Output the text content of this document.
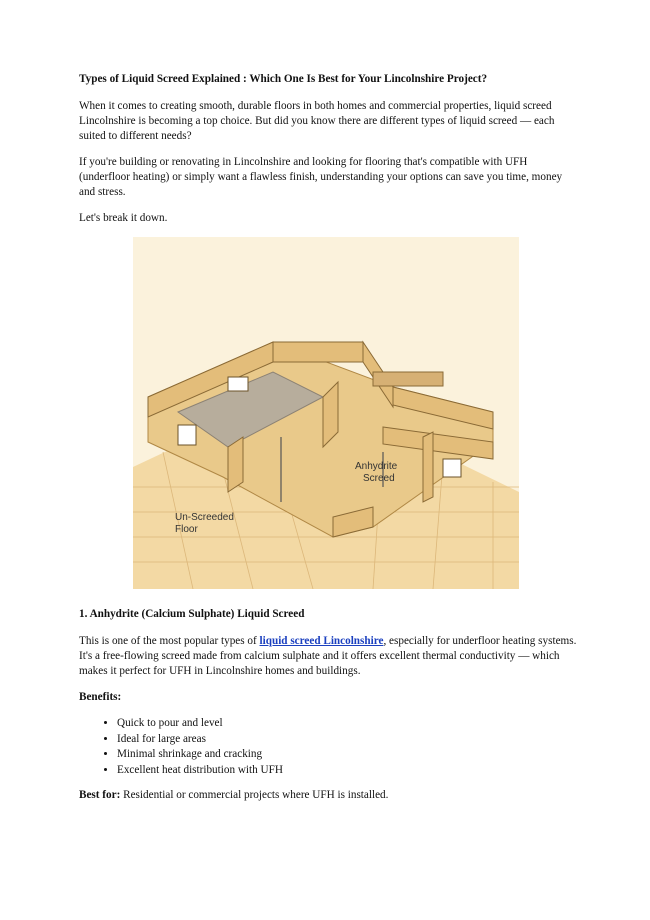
Types of Liquid Screed Explained : Which One Is Best for Your Lincolnshire Project?

When it comes to creating smooth, durable floors in both homes and commercial properties, liquid screed Lincolnshire is becoming a top choice. But did you know there are different types of liquid screed — each suited to different needs?

If you're building or renovating in Lincolnshire and looking for flooring that's compatible with UFH (underfloor heating) or simply want a flawless finish, understanding your options can save you time, money and stress.

Let's break it down.

Anhydrite
Screed
Un-Screeded
Floor
1. Anhydrite (Calcium Sulphate) Liquid Screed

This is one of the most popular types of liquid screed Lincolnshire, especially for underfloor heating systems. It's a free-flowing screed made from calcium sulphate and it offers excellent thermal conductivity — which makes it perfect for UFH in Lincolnshire homes and buildings.

Benefits:

• Quick to pour and level
• Ideal for large areas
• Minimal shrinkage and cracking
• Excellent heat distribution with UFH

Best for: Residential or commercial projects where UFH is installed.
